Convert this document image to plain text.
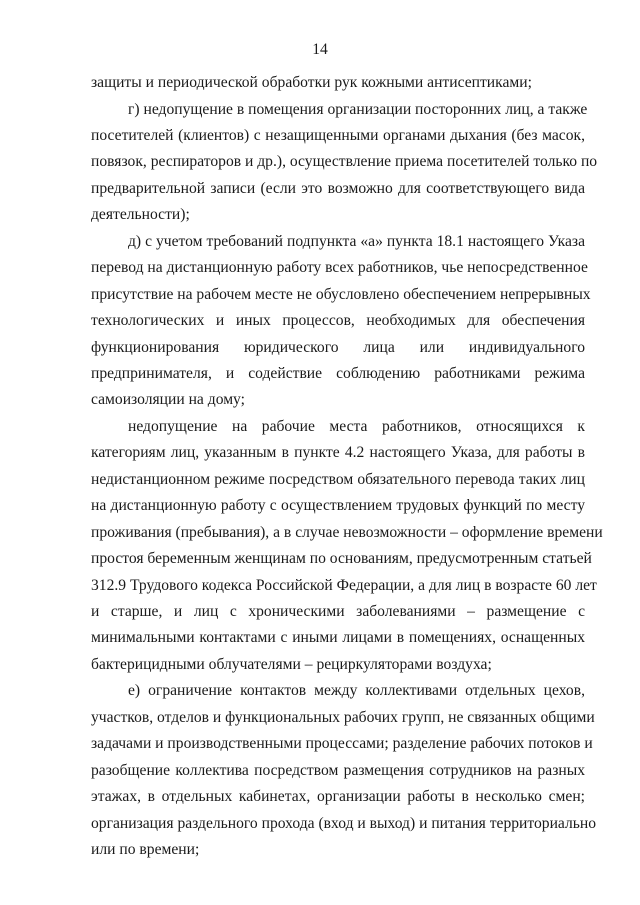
14
защиты и периодической обработки рук кожными антисептиками;
г) недопущение в помещения организации посторонних лиц, а также
посетителей (клиентов) с незащищенными органами дыхания (без масок,
повязок, респираторов и др.), осуществление приема посетителей только по
предварительной записи (если это возможно для соответствующего вида
деятельности);
д) с учетом требований подпункта «а» пункта 18.1 настоящего Указа
перевод на дистанционную работу всех работников, чье непосредственное
присутствие на рабочем месте не обусловлено обеспечением непрерывных
технологических и иных процессов, необходимых для обеспечения
функционирования юридического лица или индивидуального
предпринимателя, и содействие соблюдению работниками режима
самоизоляции на дому;
недопущение на рабочие места работников, относящихся к
категориям лиц, указанным в пункте 4.2 настоящего Указа, для работы в
недистанционном режиме посредством обязательного перевода таких лиц
на дистанционную работу с осуществлением трудовых функций по месту
проживания (пребывания), а в случае невозможности – оформление времени
простоя беременным женщинам по основаниям, предусмотренным статьей
312.9 Трудового кодекса Российской Федерации, а для лиц в возрасте 60 лет
и старше, и лиц с хроническими заболеваниями – размещение с
минимальными контактами с иными лицами в помещениях, оснащенных
бактерицидными облучателями – рециркуляторами воздуха;
е) ограничение контактов между коллективами отдельных цехов,
участков, отделов и функциональных рабочих групп, не связанных общими
задачами и производственными процессами; разделение рабочих потоков и
разобщение коллектива посредством размещения сотрудников на разных
этажах, в отдельных кабинетах, организации работы в несколько смен;
организация раздельного прохода (вход и выход) и питания территориально
или по времени;
